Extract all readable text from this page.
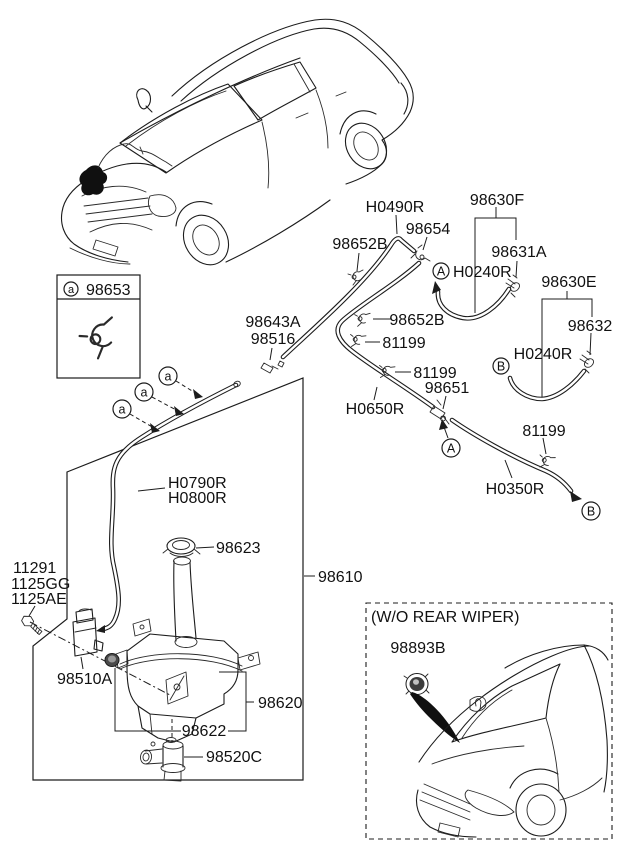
a 98653
98610
A
B
A
B
a
a
a
H0490R
98654
98630F
98652B	98631A
H0240R
98630E
98632
H0240R
98652B
81199
81199
98651
H0650R
81199
H0350R
98643A
98516
H0790R
H0800R
98623
11291
1125GG
1125AE
98510A
98620
98622
98520C
(W/O REAR WIPER)
98893B
